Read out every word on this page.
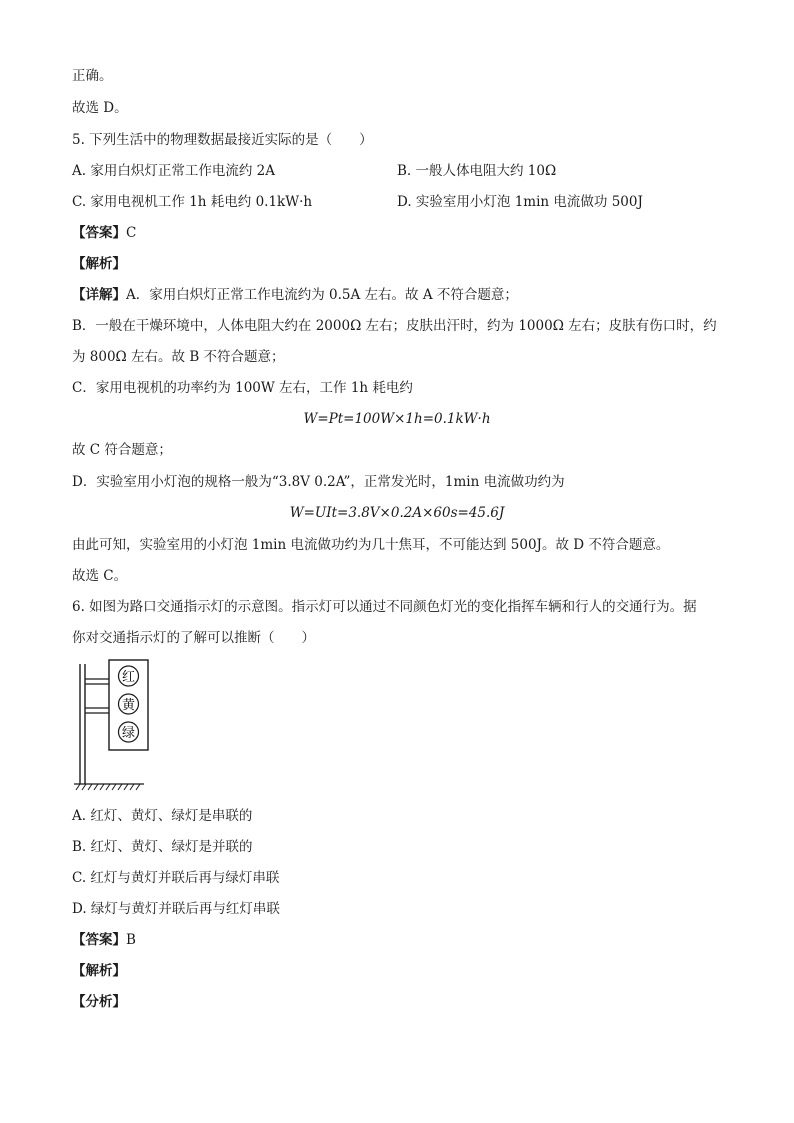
正确。
故选 D。
5. 下列生活中的物理数据最接近实际的是（　　）
A. 家用白炽灯正常工作电流约 2A	B. 一般人体电阻大约 10Ω
C. 家用电视机工作 1h 耗电约 0.1kW·h	D. 实验室用小灯泡 1min 电流做功 500J
【答案】C
【解析】
【详解】A．家用白炽灯正常工作电流约为 0.5A 左右。故 A 不符合题意；
B．一般在干燥环境中，人体电阻大约在 2000Ω 左右；皮肤出汗时，约为 1000Ω 左右；皮肤有伤口时，约
为 800Ω 左右。故 B 不符合题意；
C．家用电视机的功率约为 100W 左右，工作 1h 耗电约
W=Pt=100W×1h=0.1kW·h
故 C 符合题意；
D．实验室用小灯泡的规格一般为“3.8V 0.2A”，正常发光时，1min 电流做功约为
W=UIt=3.8V×0.2A×60s=45.6J
由此可知，实验室用的小灯泡 1min 电流做功约为几十焦耳，不可能达到 500J。故 D 不符合题意。
故选 C。
6. 如图为路口交通指示灯的示意图。指示灯可以通过不同颜色灯光的变化指挥车辆和行人的交通行为。据
你对交通指示灯的了解可以推断（　　）
红
黄
绿
A. 红灯、黄灯、绿灯是串联的
B. 红灯、黄灯、绿灯是并联的
C. 红灯与黄灯并联后再与绿灯串联
D. 绿灯与黄灯并联后再与红灯串联
【答案】B
【解析】
【分析】
